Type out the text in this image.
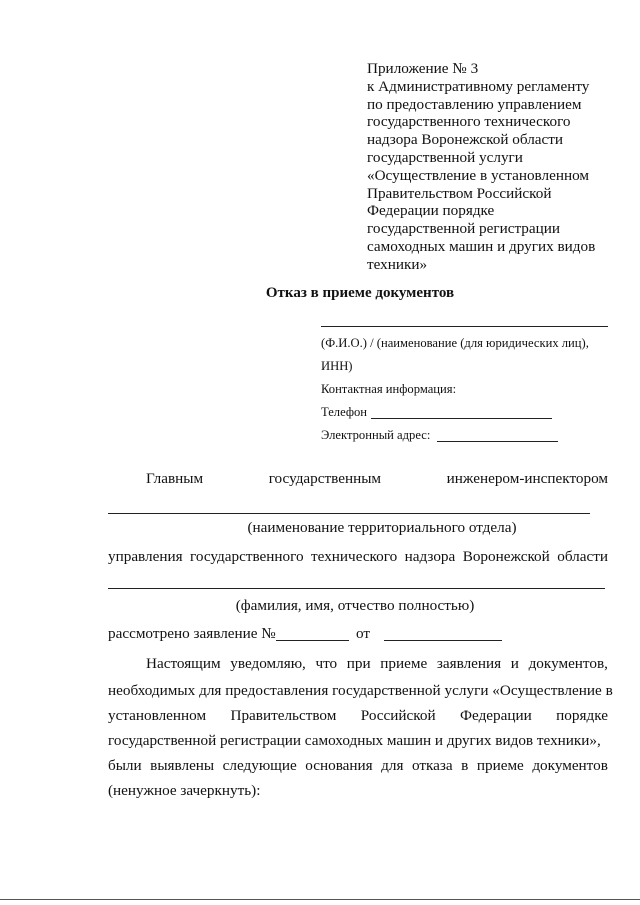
Приложение № 3
к Административному регламенту
по предоставлению управлением
государственного технического
надзора Воронежской области
государственной услуги
«Осуществление в установленном
Правительством Российской
Федерации порядке
государственной регистрации
самоходных машин и других видов
техники»
Отказ в приеме документов
(Ф.И.О.) / (наименование (для юридических лиц),
ИНН)
Контактная информация:
Телефон
Электронный адрес:
Главным	государственным	инженером-инспектором
(наименование территориального отдела)
управления государственного технического надзора Воронежской области
(фамилия, имя, отчество полностью)
рассмотрено заявление №	от
Настоящим уведомляю, что при приеме заявления и документов,
необходимых для предоставления государственной услуги «Осуществление в
установленном Правительством Российской Федерации порядке
государственной регистрации самоходных машин и других видов техники»,
были выявлены следующие основания для отказа в приеме документов
(ненужное зачеркнуть):
